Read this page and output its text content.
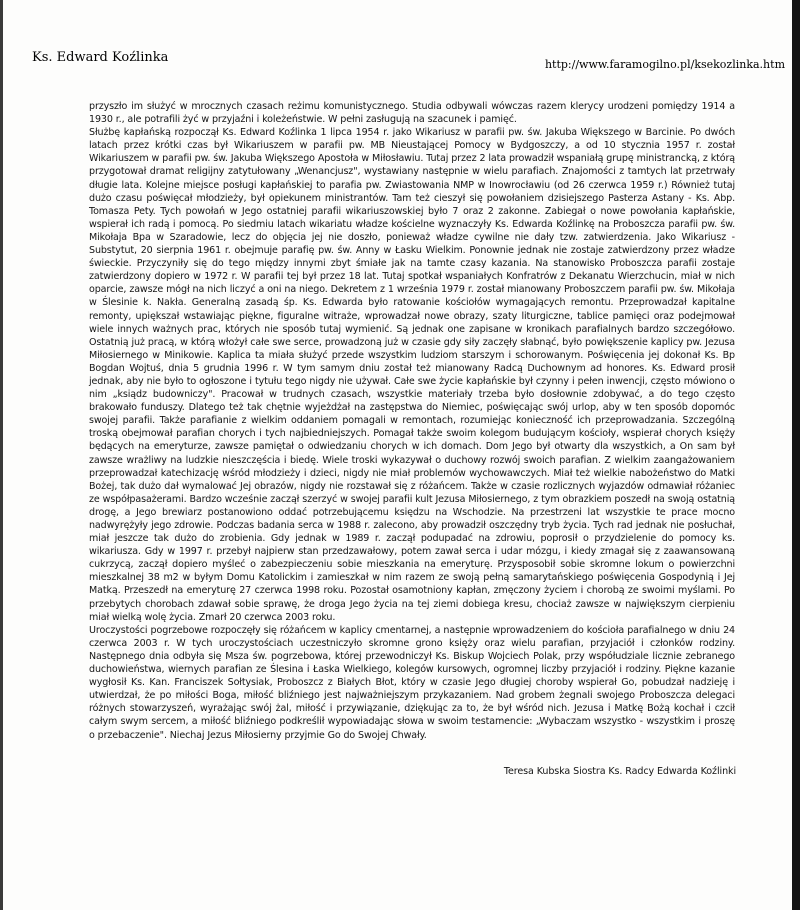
Ks. Edward Koźlinka	http://www.faramogilno.pl/ksekozlinka.htm

przyszło im służyć w mrocznych czasach reżimu komunistycznego. Studia odbywali wówczas razem klerycy urodzeni pomiędzy 1914 a 1930 r., ale potrafili żyć w przyjaźni i koleżeństwie. W pełni zasługują na szacunek i pamięć.

Służbę kapłańską rozpoczął Ks. Edward Koźlinka 1 lipca 1954 r. jako Wikariusz w parafii pw. św. Jakuba Większego w Barcinie. Po dwóch latach przez krótki czas był Wikariuszem w parafii pw. MB Nieustającej Pomocy w Bydgoszczy, a od 10 stycznia 1957 r. został Wikariuszem w parafii pw. św. Jakuba Większego Apostoła w Miłosławiu. Tutaj przez 2 lata prowadził wspaniałą grupę ministrancką, z którą przygotował dramat religijny zatytułowany „Wenancjusz", wystawiany następnie w wielu parafiach. Znajomości z tamtych lat przetrwały długie lata. Kolejne miejsce posługi kapłańskiej to parafia pw. Zwiastowania NMP w Inowrocławiu (od 26 czerwca 1959 r.) Również tutaj dużo czasu poświęcał młodzieży, był opiekunem ministrantów. Tam też cieszył się powołaniem dzisiejszego Pasterza Astany - Ks. Abp. Tomasza Pety. Tych powołań w Jego ostatniej parafii wikariuszowskiej było 7 oraz 2 zakonne. Zabiegał o nowe powołania kapłańskie, wspierał ich radą i pomocą. Po siedmiu latach wikariatu władze kościelne wyznaczyły Ks. Edwarda Koźlinkę na Proboszcza parafii pw. św. Mikołaja Bpa w Szaradowie, lecz do objęcia jej nie doszło, ponieważ władze cywilne nie dały tzw. zatwierdzenia. Jako Wikariusz - Substytut, 20 sierpnia 1961 r. obejmuje parafię pw. św. Anny w Łasku Wielkim. Ponownie jednak nie zostaje zatwierdzony przez władze świeckie. Przyczyniły się do tego między innymi zbyt śmiałe jak na tamte czasy kazania. Na stanowisko Proboszcza parafii zostaje zatwierdzony dopiero w 1972 r. W parafii tej był przez 18 lat. Tutaj spotkał wspaniałych Konfratrów z Dekanatu Wierzchucin, miał w nich oparcie, zawsze mógł na nich liczyć a oni na niego. Dekretem z 1 września 1979 r. został mianowany Proboszczem parafii pw. św. Mikołaja w Ślesinie k. Nakła. Generalną zasadą śp. Ks. Edwarda było ratowanie kościołów wymagających remontu. Przeprowadzał kapitalne remonty, upiększał wstawiając piękne, figuralne witraże, wprowadzał nowe obrazy, szaty liturgiczne, tablice pamięci oraz podejmował wiele innych ważnych prac, których nie sposób tutaj wymienić. Są jednak one zapisane w kronikach parafialnych bardzo szczegółowo. Ostatnią już pracą, w którą włożył całe swe serce, prowadzoną już w czasie gdy siły zaczęły słabnąć, było powiększenie kaplicy pw. Jezusa Miłosiernego w Minikowie. Kaplica ta miała służyć przede wszystkim ludziom starszym i schorowanym. Poświęcenia jej dokonał Ks. Bp Bogdan Wojtuś, dnia 5 grudnia 1996 r. W tym samym dniu został też mianowany Radcą Duchownym ad honores. Ks. Edward prosił jednak, aby nie było to ogłoszone i tytułu tego nigdy nie używał. Całe swe życie kapłańskie był czynny i pełen inwencji, często mówiono o nim „ksiądz budowniczy". Pracował w trudnych czasach, wszystkie materiały trzeba było dosłownie zdobywać, a do tego często brakowało funduszy. Dlatego też tak chętnie wyjeżdżał na zastępstwa do Niemiec, poświęcając swój urlop, aby w ten sposób dopomóc swojej parafii. Także parafianie z wielkim oddaniem pomagali w remontach, rozumiejąc konieczność ich przeprowadzania. Szczególną troską obejmował parafian chorych i tych najbiedniejszych. Pomagał także swoim kolegom budującym kościoły, wspierał chorych księży będących na emeryturze, zawsze pamiętał o odwiedzaniu chorych w ich domach. Dom Jego był otwarty dla wszystkich, a On sam był zawsze wrażliwy na ludzkie nieszczęścia i biedę. Wiele troski wykazywał o duchowy rozwój swoich parafian. Z wielkim zaangażowaniem przeprowadzał katechizację wśród młodzieży i dzieci, nigdy nie miał problemów wychowawczych. Miał też wielkie nabożeństwo do Matki Bożej, tak dużo dał wymalować Jej obrazów, nigdy nie rozstawał się z różańcem. Także w czasie rozlicznych wyjazdów odmawiał różaniec ze współpasażerami. Bardzo wcześnie zaczął szerzyć w swojej parafii kult Jezusa Miłosiernego, z tym obrazkiem poszedł na swoją ostatnią drogę, a Jego brewiarz postanowiono oddać potrzebującemu księdzu na Wschodzie. Na przestrzeni lat wszystkie te prace mocno nadwyrężyły jego zdrowie. Podczas badania serca w 1988 r. zalecono, aby prowadził oszczędny tryb życia. Tych rad jednak nie posłuchał, miał jeszcze tak dużo do zrobienia. Gdy jednak w 1989 r. zaczął podupadać na zdrowiu, poprosił o przydzielenie do pomocy ks. wikariusza. Gdy w 1997 r. przebył najpierw stan przedzawałowy, potem zawał serca i udar mózgu, i kiedy zmagał się z zaawansowaną cukrzycą, zaczął dopiero myśleć o zabezpieczeniu sobie mieszkania na emeryturę. Przysposobił sobie skromne lokum o powierzchni mieszkalnej 38 m2 w byłym Domu Katolickim i zamieszkał w nim razem ze swoją pełną samarytańskiego poświęcenia Gospodynią i Jej Matką. Przeszedł na emeryturę 27 czerwca 1998 roku. Pozostał osamotniony kapłan, zmęczony życiem i chorobą ze swoimi myślami. Po przebytych chorobach zdawał sobie sprawę, że droga Jego życia na tej ziemi dobiega kresu, chociaż zawsze w największym cierpieniu miał wielką wolę życia. Zmarł 20 czerwca 2003 roku.

Uroczystości pogrzebowe rozpoczęły się różańcem w kaplicy cmentarnej, a następnie wprowadzeniem do kościoła parafialnego w dniu 24 czerwca 2003 r. W tych uroczystościach uczestniczyło skromne grono księży oraz wielu parafian, przyjaciół i członków rodziny. Następnego dnia odbyła się Msza św. pogrzebowa, której przewodniczył Ks. Biskup Wojciech Polak, przy współudziale licznie zebranego duchowieństwa, wiernych parafian ze Ślesina i Łaska Wielkiego, kolegów kursowych, ogromnej liczby przyjaciół i rodziny. Piękne kazanie wygłosił Ks. Kan. Franciszek Sołtysiak, Proboszcz z Białych Błot, który w czasie Jego długiej choroby wspierał Go, pobudzał nadzieję i utwierdzał, że po miłości Boga, miłość bliźniego jest najważniejszym przykazaniem. Nad grobem żegnali swojego Proboszcza delegaci różnych stowarzyszeń, wyrażając swój żal, miłość i przywiązanie, dziękując za to, że był wśród nich. Jezusa i Matkę Bożą kochał i czcił całym swym sercem, a miłość bliźniego podkreślił wypowiadając słowa w swoim testamencie: „Wybaczam wszystko - wszystkim i proszę o przebaczenie". Niechaj Jezus Miłosierny przyjmie Go do Swojej Chwały.

Teresa Kubska Siostra Ks. Radcy Edwarda Koźlinki
